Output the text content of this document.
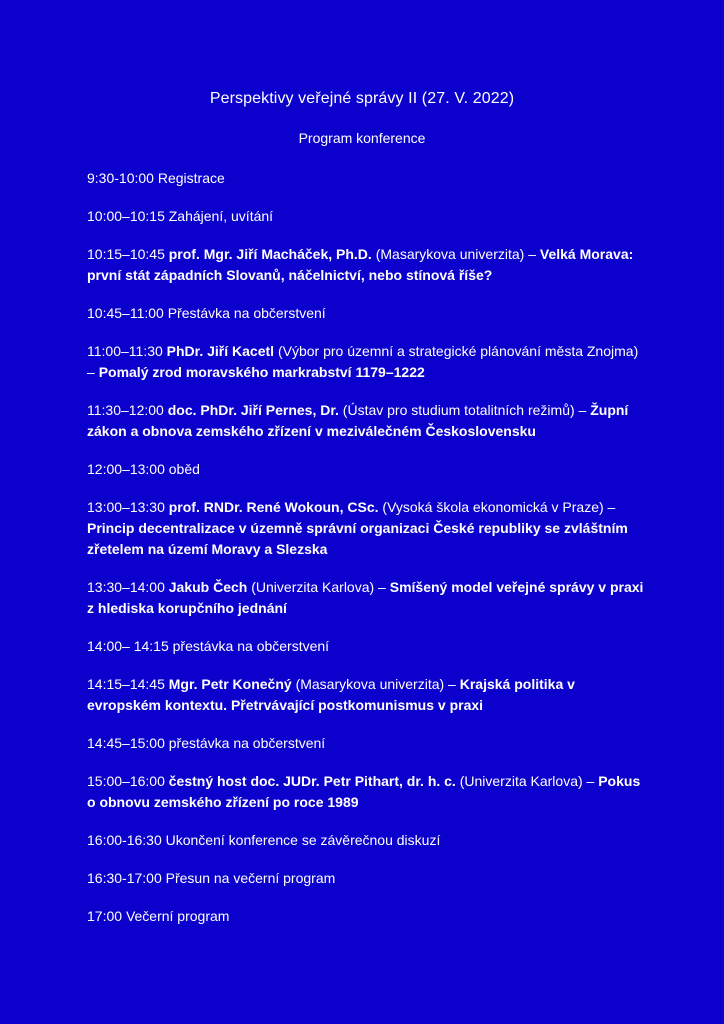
Perspektivy veřejné správy II (27. V. 2022)
Program konference

9:30-10:00 Registrace

10:00–10:15 Zahájení, uvítání

10:15–10:45 prof. Mgr. Jiří Macháček, Ph.D. (Masarykova univerzita) – Velká Morava: první stát západních Slovanů, náčelnictví, nebo stínová říše?

10:45–11:00 Přestávka na občerstvení

11:00–11:30 PhDr. Jiří Kacetl (Výbor pro územní a strategické plánování města Znojma) – Pomalý zrod moravského markrabství 1179–1222

11:30–12:00 doc. PhDr. Jiří Pernes, Dr. (Ústav pro studium totalitních režimů) – Župní zákon a obnova zemského zřízení v meziválečném Československu

12:00–13:00 oběd

13:00–13:30 prof. RNDr. René Wokoun, CSc. (Vysoká škola ekonomická v Praze) – Princip decentralizace v územně správní organizaci České republiky se zvláštním zřetelem na území Moravy a Slezska

13:30–14:00 Jakub Čech (Univerzita Karlova) – Smíšený model veřejné správy v praxi z hlediska korupčního jednání

14:00– 14:15 přestávka na občerstvení

14:15–14:45 Mgr. Petr Konečný (Masarykova univerzita) – Krajská politika v evropském kontextu. Přetrvávající postkomunismus v praxi

14:45–15:00 přestávka na občerstvení

15:00–16:00 čestný host doc. JUDr. Petr Pithart, dr. h. c. (Univerzita Karlova) – Pokus o obnovu zemského zřízení po roce 1989

16:00-16:30 Ukončení konference se závěrečnou diskuzí

16:30-17:00 Přesun na večerní program

17:00 Večerní program
